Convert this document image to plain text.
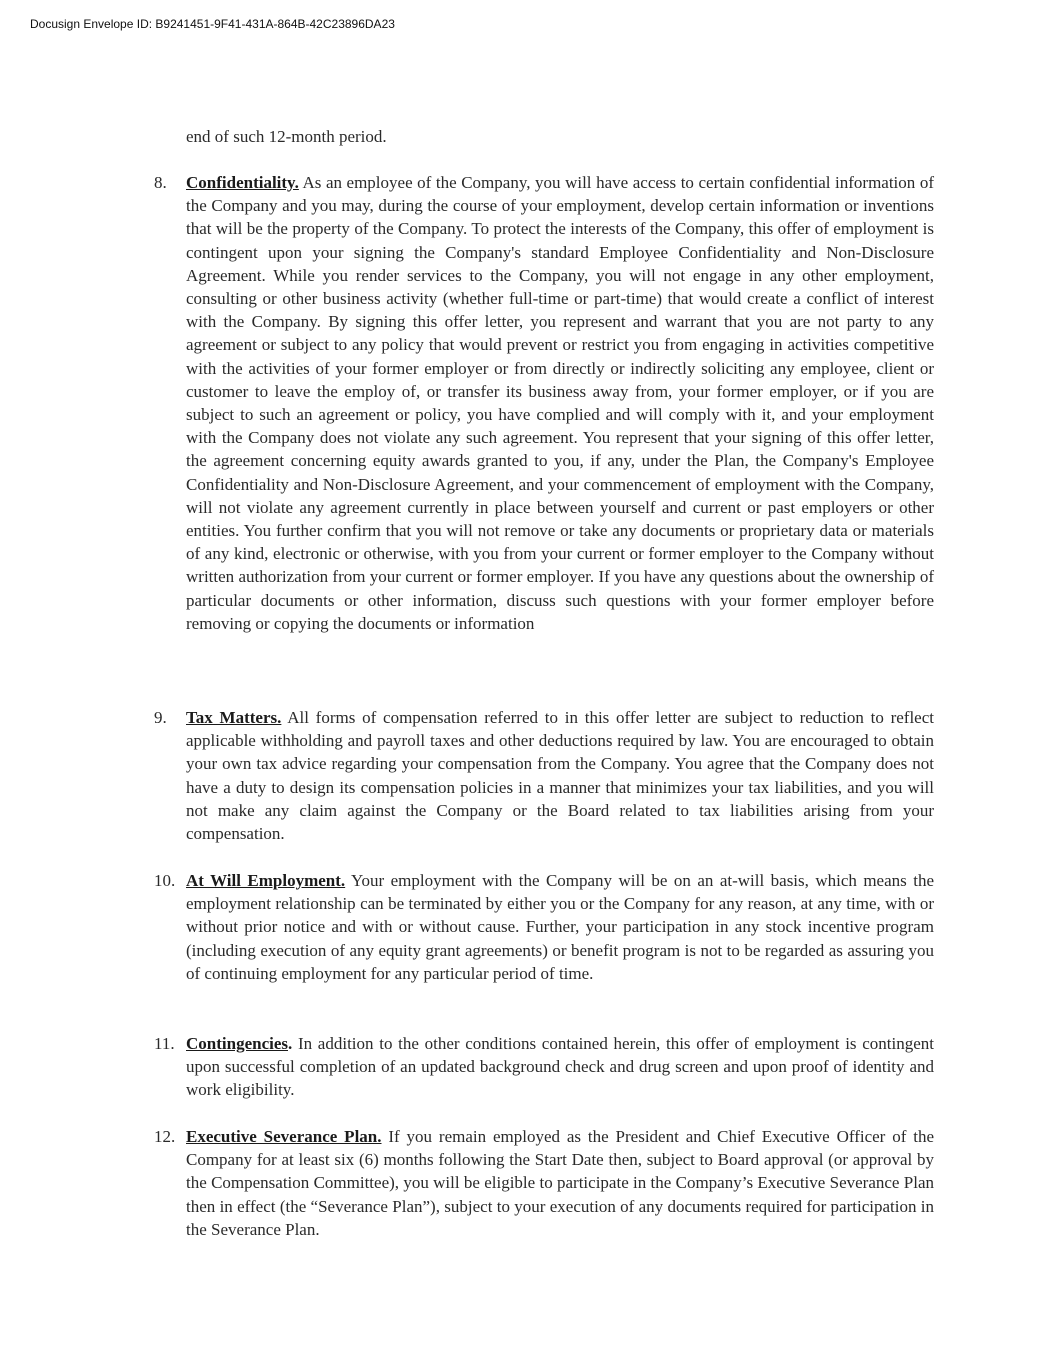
Docusign Envelope ID: B9241451-9F41-431A-864B-42C23896DA23
end of such 12-month period.
8.	Confidentiality. As an employee of the Company, you will have access to certain confidential information of the Company and you may, during the course of your employment, develop certain information or inventions that will be the property of the Company. To protect the interests of the Company, this offer of employment is contingent upon your signing the Company's standard Employee Confidentiality and Non-Disclosure Agreement. While you render services to the Company, you will not engage in any other employment, consulting or other business activity (whether full-time or part-time) that would create a conflict of interest with the Company. By signing this offer letter, you represent and warrant that you are not party to any agreement or subject to any policy that would prevent or restrict you from engaging in activities competitive with the activities of your former employer or from directly or indirectly soliciting any employee, client or customer to leave the employ of, or transfer its business away from, your former employer, or if you are subject to such an agreement or policy, you have complied and will comply with it, and your employment with the Company does not violate any such agreement. You represent that your signing of this offer letter, the agreement concerning equity awards granted to you, if any, under the Plan, the Company's Employee Confidentiality and Non-Disclosure Agreement, and your commencement of employment with the Company, will not violate any agreement currently in place between yourself and current or past employers or other entities. You further confirm that you will not remove or take any documents or proprietary data or materials of any kind, electronic or otherwise, with you from your current or former employer to the Company without written authorization from your current or former employer. If you have any questions about the ownership of particular documents or other information, discuss such questions with your former employer before removing or copying the documents or information
9.	Tax Matters. All forms of compensation referred to in this offer letter are subject to reduction to reflect applicable withholding and payroll taxes and other deductions required by law. You are encouraged to obtain your own tax advice regarding your compensation from the Company. You agree that the Company does not have a duty to design its compensation policies in a manner that minimizes your tax liabilities, and you will not make any claim against the Company or the Board related to tax liabilities arising from your compensation.
10. At Will Employment. Your employment with the Company will be on an at-will basis, which means the employment relationship can be terminated by either you or the Company for any reason, at any time, with or without prior notice and with or without cause. Further, your participation in any stock incentive program (including execution of any equity grant agreements) or benefit program is not to be regarded as assuring you of continuing employment for any particular period of time.
11. Contingencies. In addition to the other conditions contained herein, this offer of employment is contingent upon successful completion of an updated background check and drug screen and upon proof of identity and work eligibility.
12. Executive Severance Plan. If you remain employed as the President and Chief Executive Officer of the Company for at least six (6) months following the Start Date then, subject to Board approval (or approval by the Compensation Committee), you will be eligible to participate in the Company’s Executive Severance Plan then in effect (the “Severance Plan”), subject to your execution of any documents required for participation in the Severance Plan.
